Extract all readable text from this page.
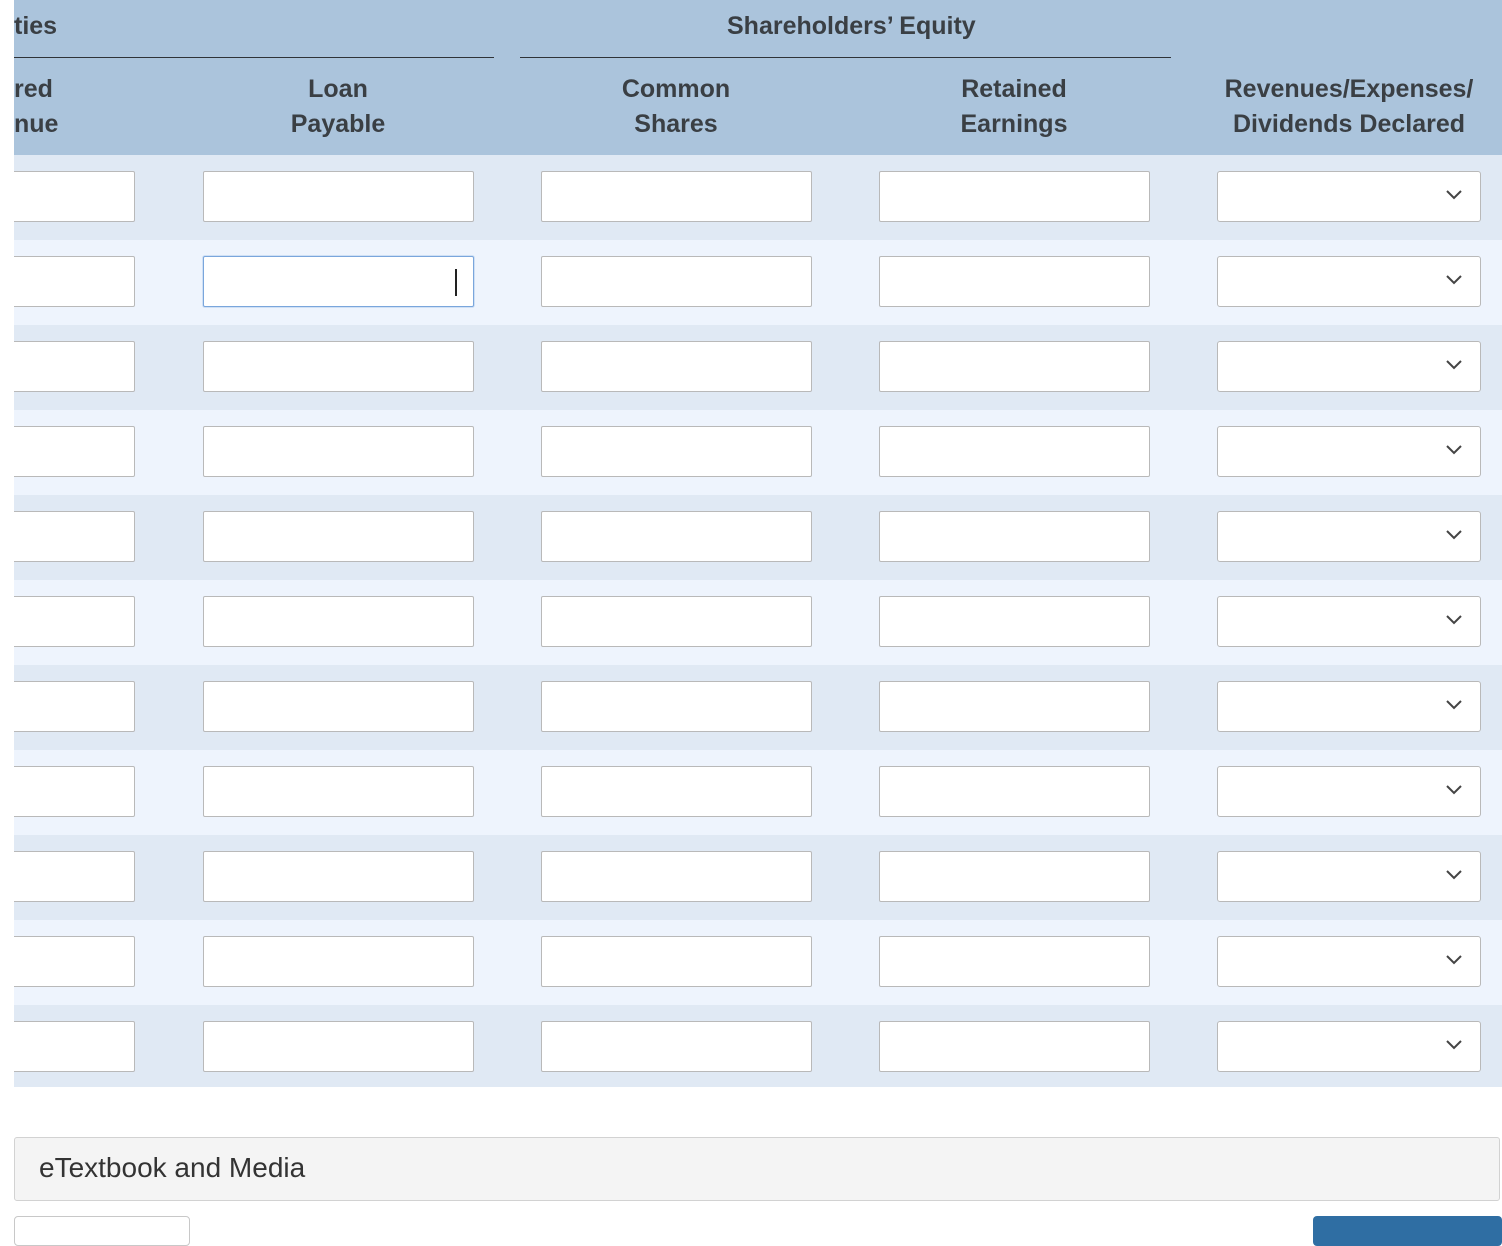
ties	Shareholders’ Equity
red
nue
Loan
Payable
Common
Shares
Retained
Earnings
Revenues/Expenses/
Dividends Declared
eTextbook and Media
